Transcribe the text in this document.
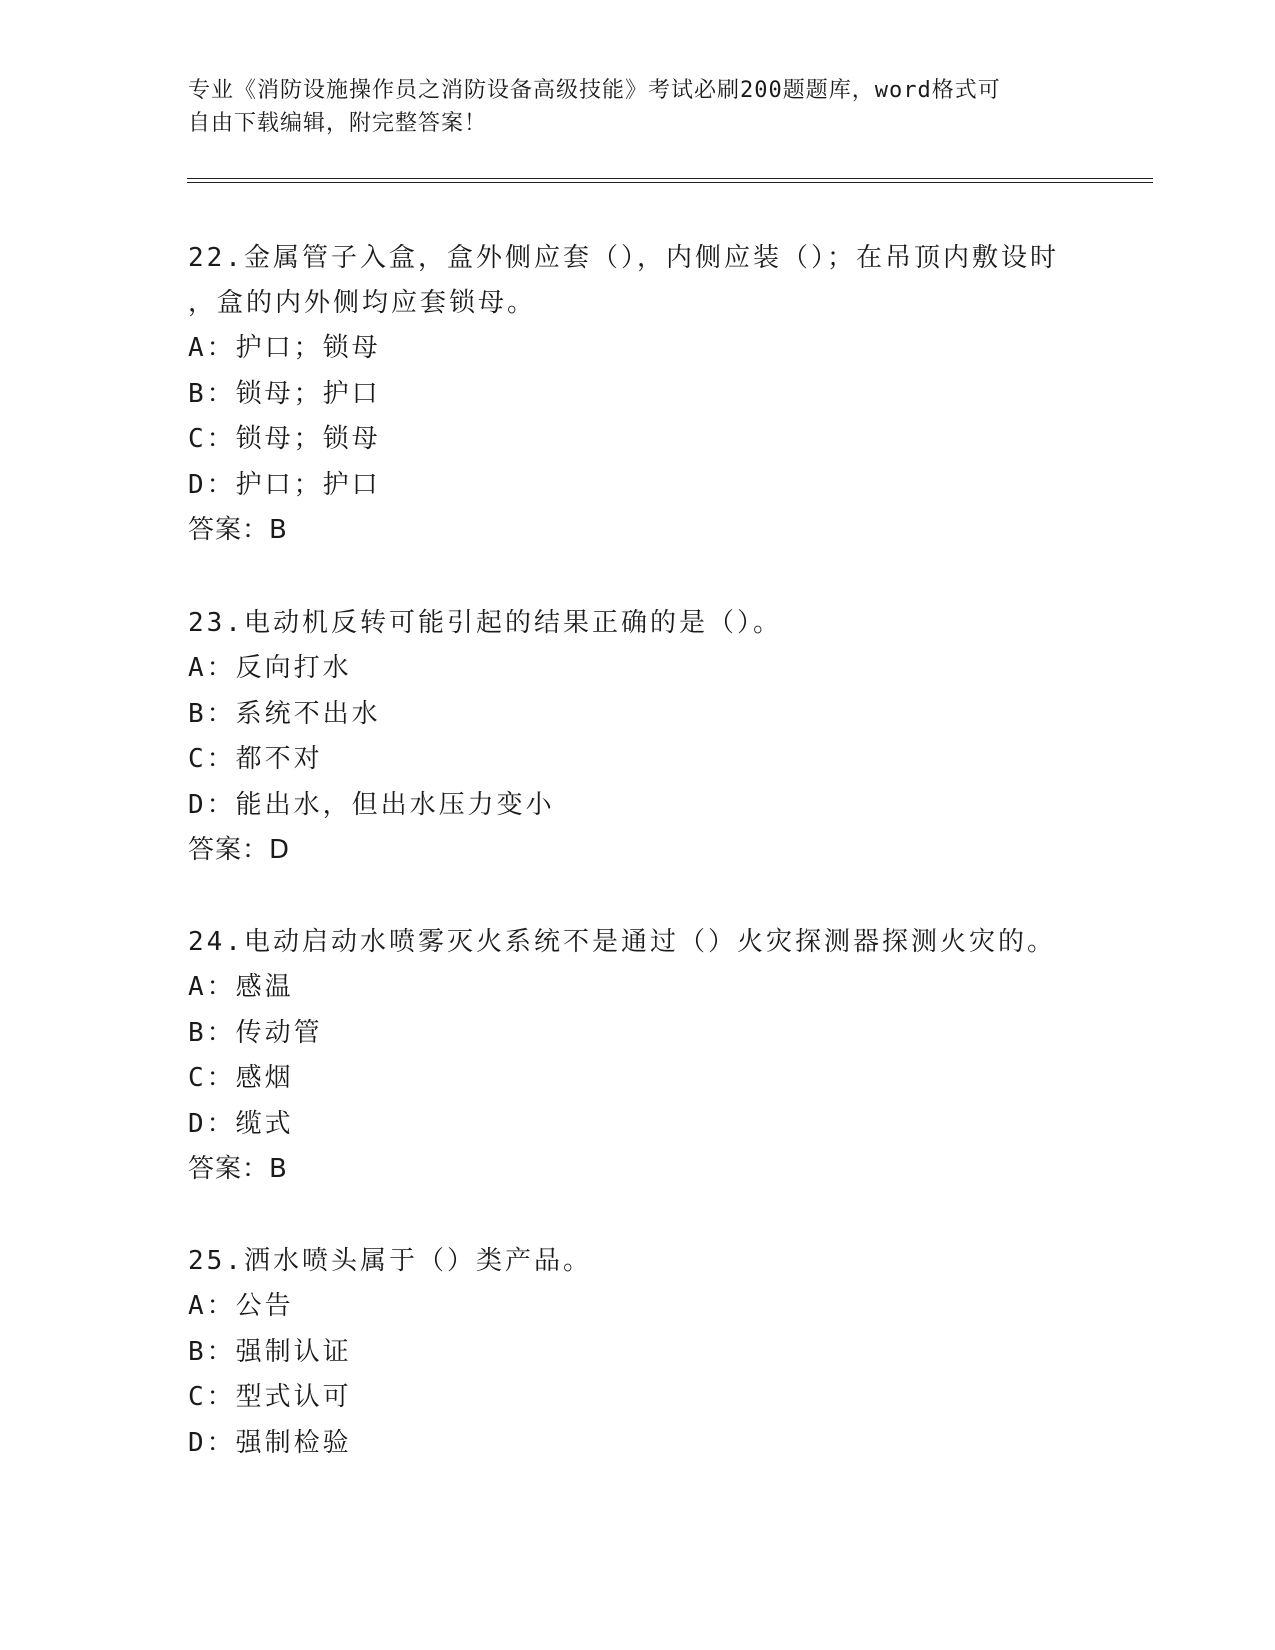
专业《消防设施操作员之消防设备高级技能》考试必刷200题题库，word格式可
自由下载编辑，附完整答案！
22.金属管子入盒，盒外侧应套（），内侧应装（）；在吊顶内敷设时
，盒的内外侧均应套锁母。
A：护口；锁母
B：锁母；护口
C：锁母；锁母
D：护口；护口
答案：B
23.电动机反转可能引起的结果正确的是（）。
A：反向打水
B：系统不出水
C：都不对
D：能出水，但出水压力变小
答案：D
24.电动启动水喷雾灭火系统不是通过（）火灾探测器探测火灾的。
A：感温
B：传动管
C：感烟
D：缆式
答案：B
25.洒水喷头属于（）类产品。
A：公告
B：强制认证
C：型式认可
D：强制检验
